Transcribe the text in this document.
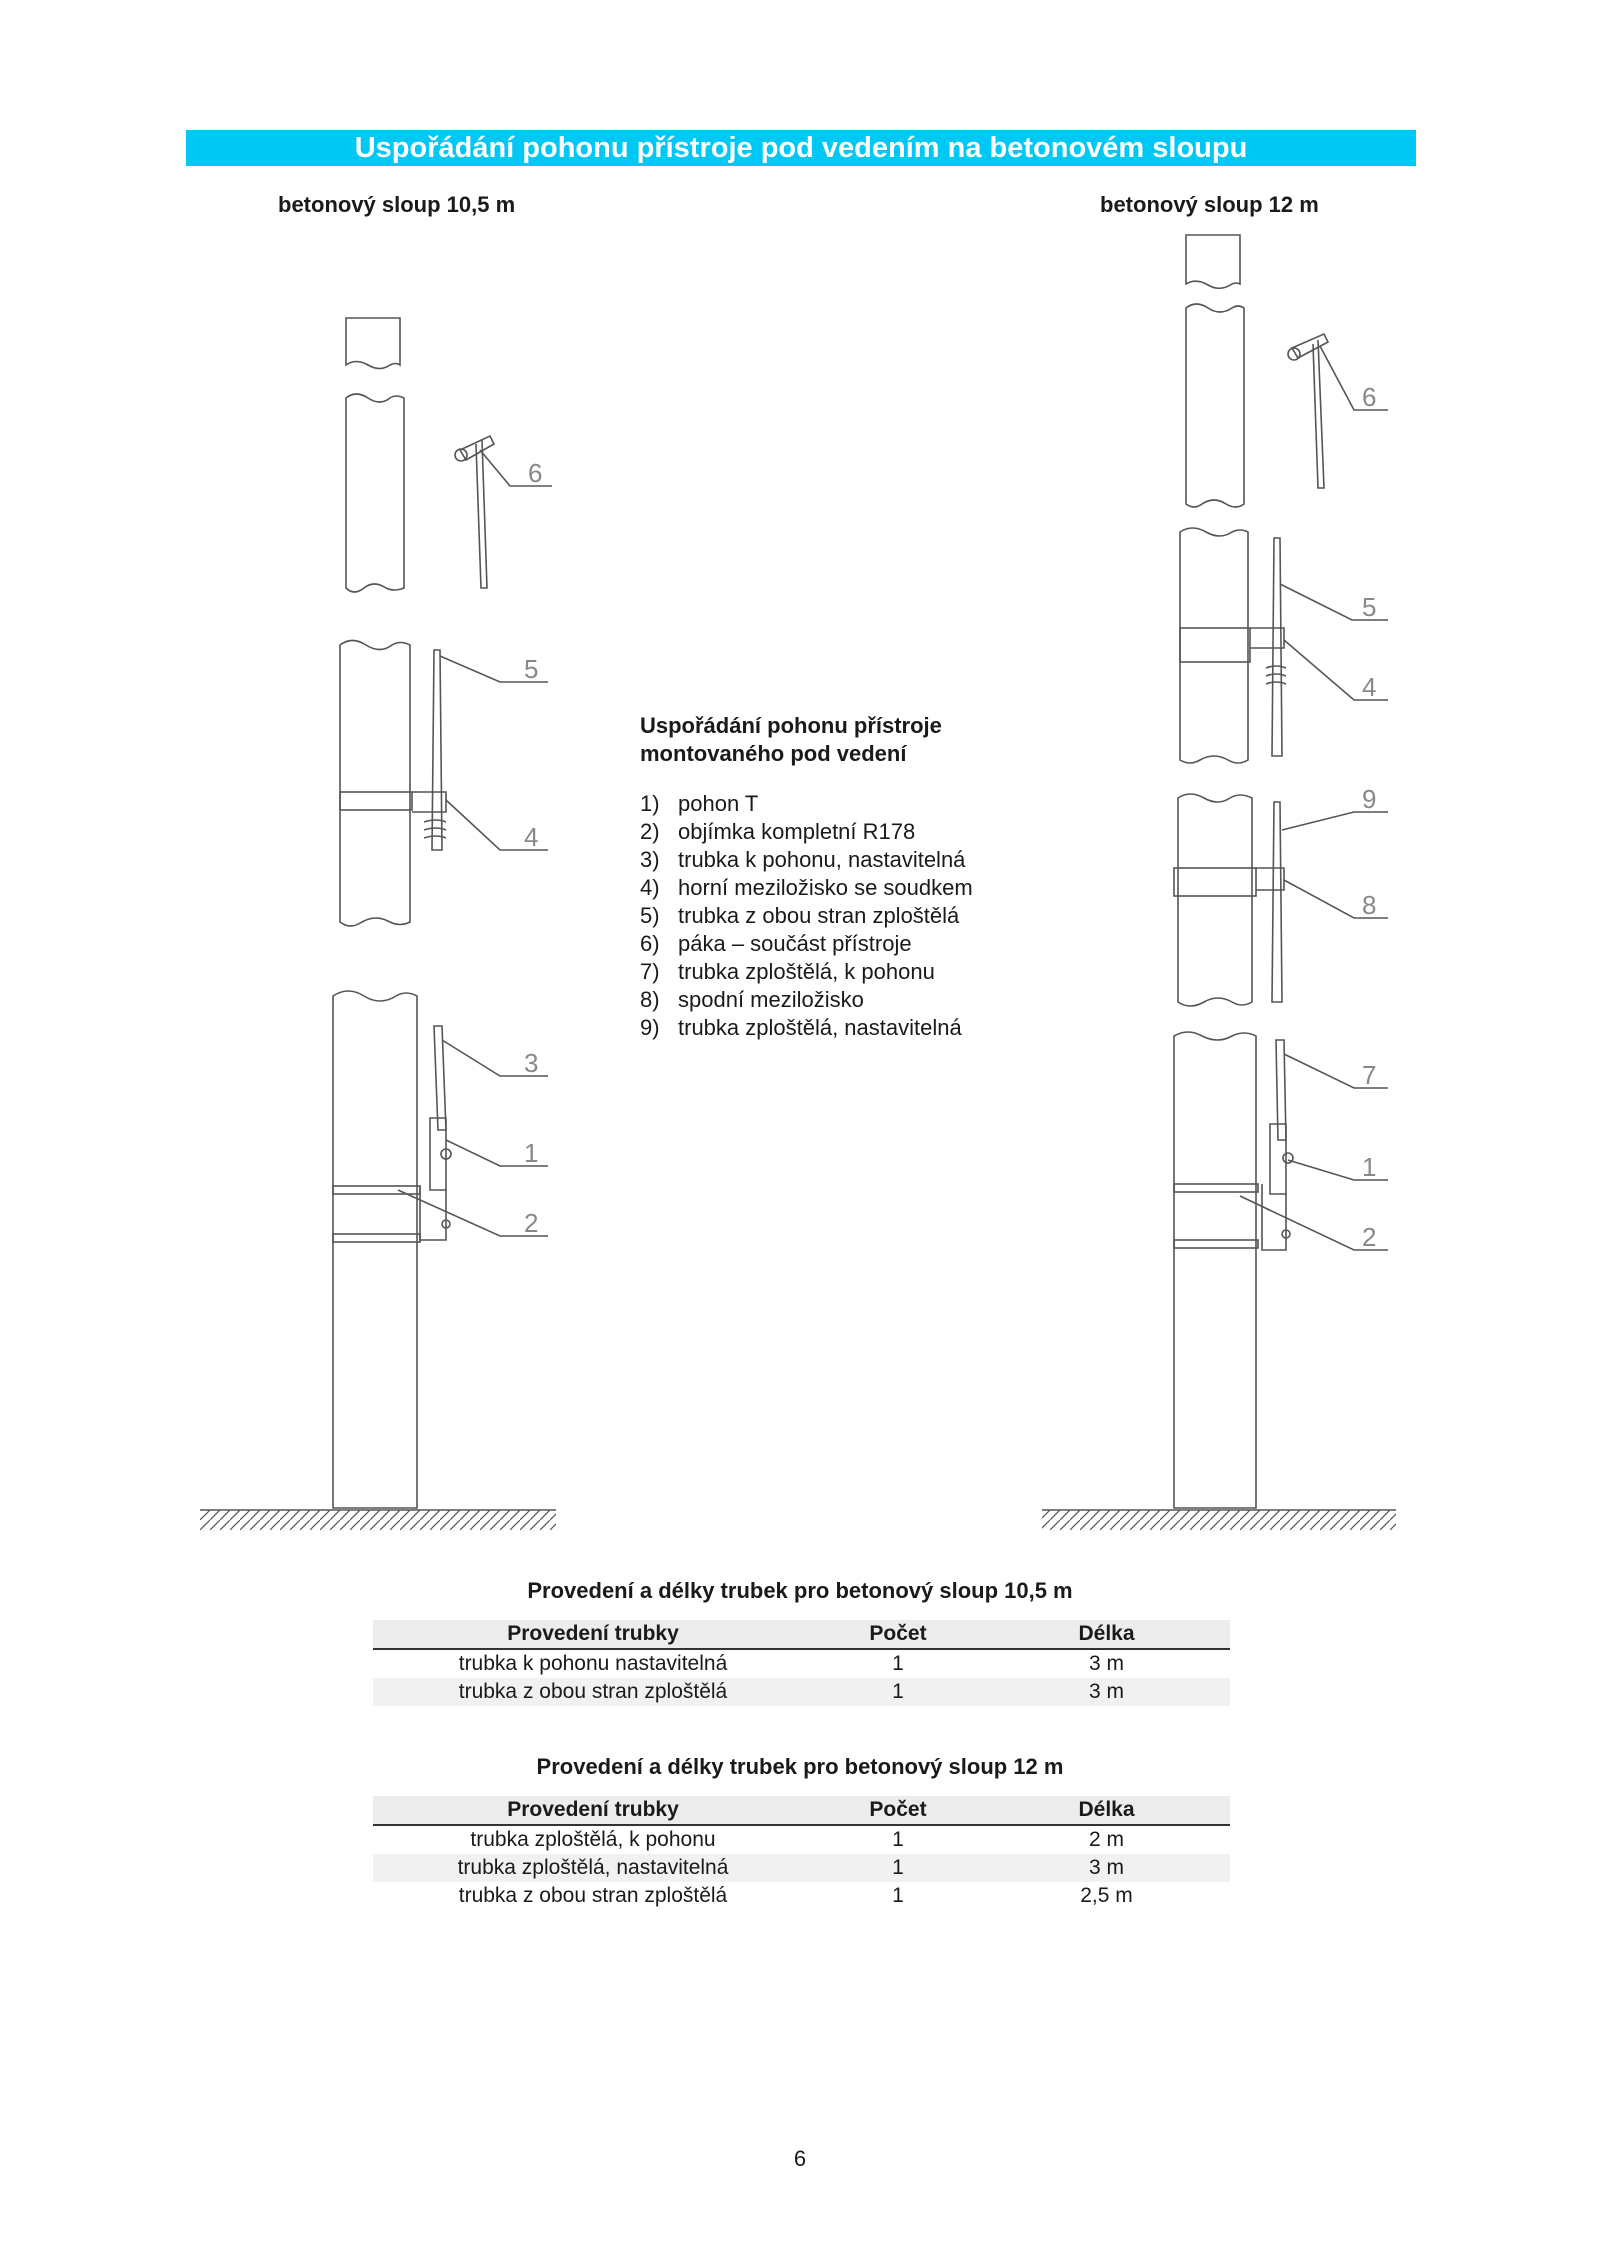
Uspořádání pohonu přístroje pod vedením na betonovém sloupu
betonový sloup 10,5 m	betonový sloup 12 m
6
5
4
3
1
2
6
5
4
9
8
7
1
2
Uspořádání pohonu přístroje
montovaného pod vedení
1) pohon T
2) objímka kompletní R178
3) trubka k pohonu, nastavitelná
4) horní meziložisko se soudkem
5) trubka z obou stran zploštělá
6) páka – součást přístroje
7) trubka zploštělá, k pohonu
8) spodní meziložisko
9) trubka zploštělá, nastavitelná
Provedení a délky trubek pro betonový sloup 10,5 m
Provedení trubky	Počet	Délka
trubka k pohonu nastavitelná	1	3 m
trubka z obou stran zploštělá	1	3 m
Provedení a délky trubek pro betonový sloup 12 m
Provedení trubky	Počet	Délka
trubka zploštělá, k pohonu	1	2 m
trubka zploštělá, nastavitelná	1	3 m
trubka z obou stran zploštělá	1	2,5 m
6
